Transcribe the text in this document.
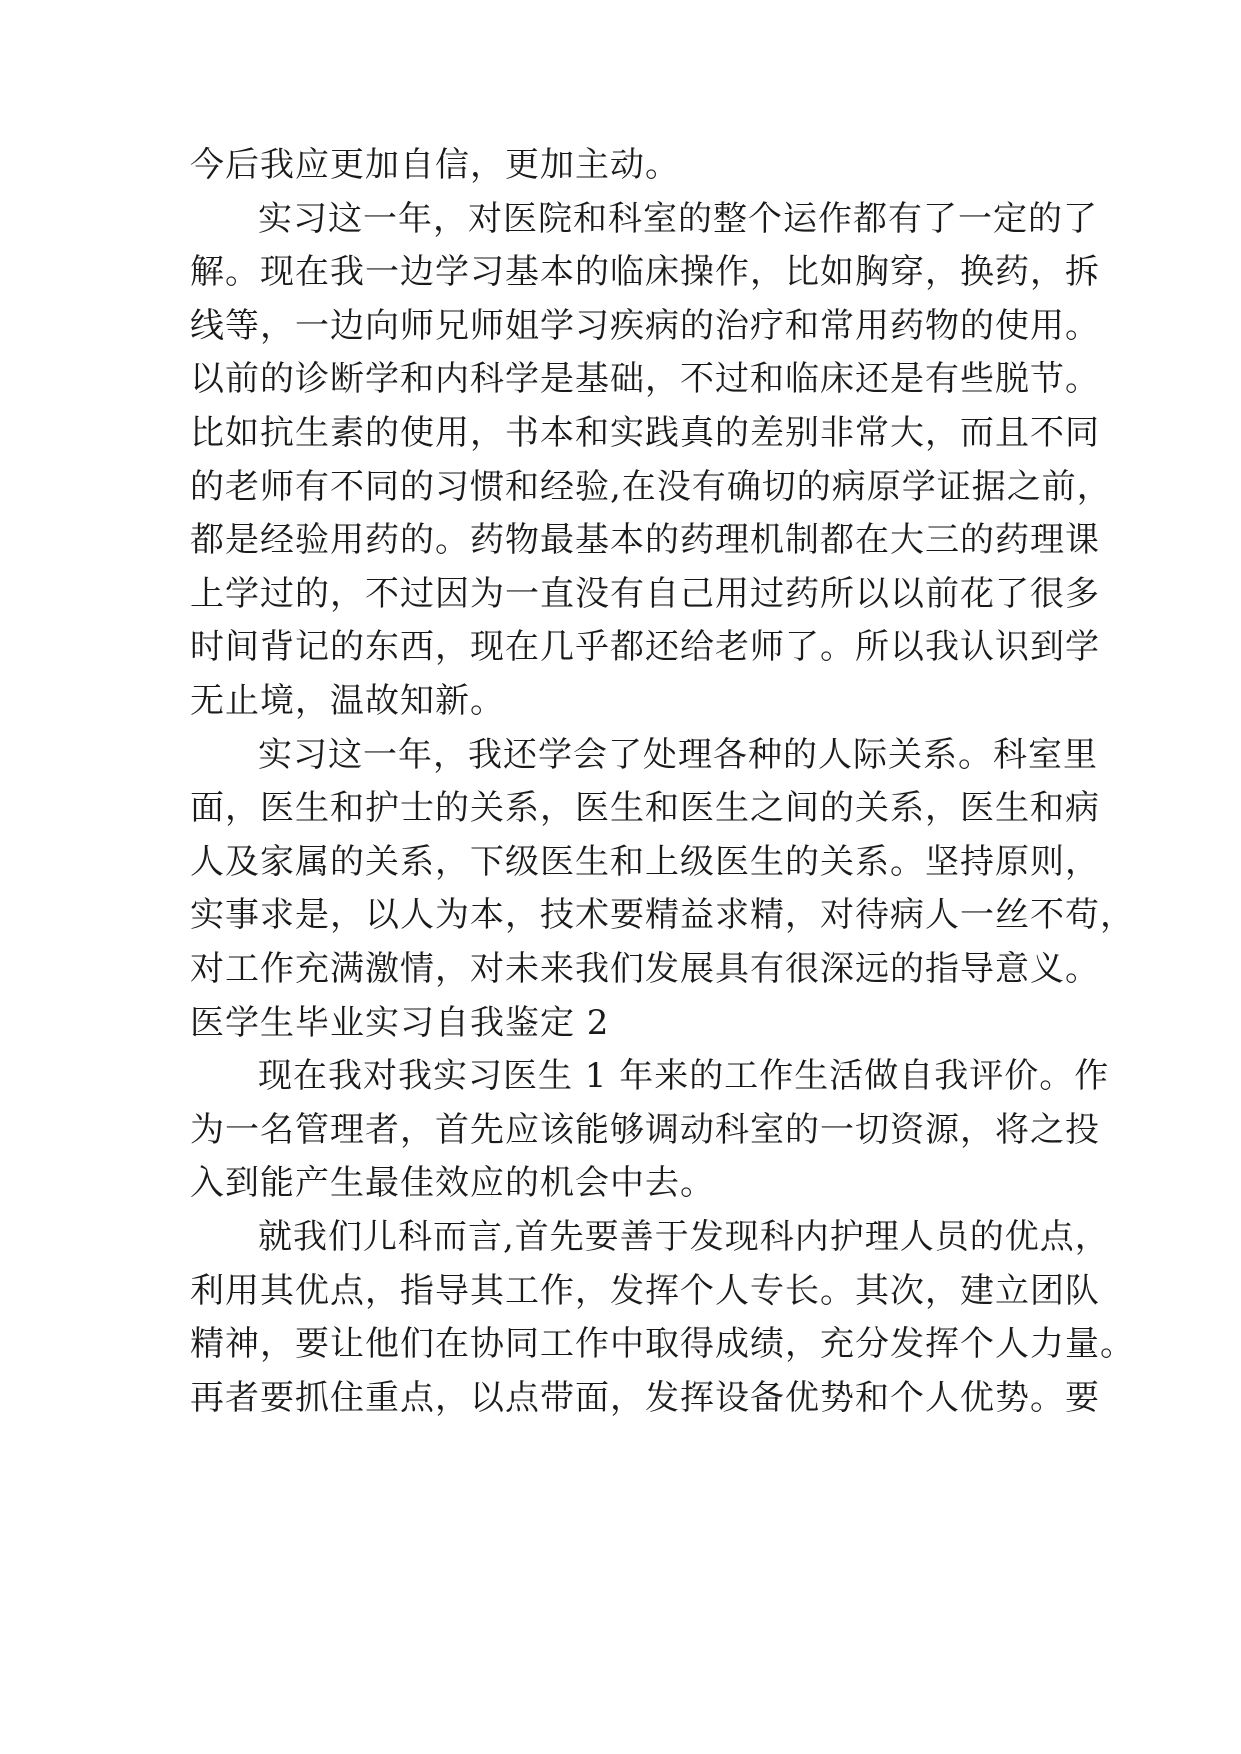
今后我应更加自信，更加主动。
实习这一年，对医院和科室的整个运作都有了一定的了
解。现在我一边学习基本的临床操作，比如胸穿，换药，拆
线等，一边向师兄师姐学习疾病的治疗和常用药物的使用。
以前的诊断学和内科学是基础，不过和临床还是有些脱节。
比如抗生素的使用，书本和实践真的差别非常大，而且不同
的老师有不同的习惯和经验,在没有确切的病原学证据之前，
都是经验用药的。药物最基本的药理机制都在大三的药理课
上学过的，不过因为一直没有自己用过药所以以前花了很多
时间背记的东西，现在几乎都还给老师了。所以我认识到学
无止境，温故知新。
实习这一年，我还学会了处理各种的人际关系。科室里
面，医生和护士的关系，医生和医生之间的关系，医生和病
人及家属的关系，下级医生和上级医生的关系。坚持原则，
实事求是，以人为本，技术要精益求精，对待病人一丝不苟，
对工作充满激情，对未来我们发展具有很深远的指导意义。
医学生毕业实习自我鉴定 2
现在我对我实习医生 1 年来的工作生活做自我评价。作
为一名管理者，首先应该能够调动科室的一切资源，将之投
入到能产生最佳效应的机会中去。
就我们儿科而言,首先要善于发现科内护理人员的优点，
利用其优点，指导其工作，发挥个人专长。其次，建立团队
精神，要让他们在协同工作中取得成绩，充分发挥个人力量。
再者要抓住重点，以点带面，发挥设备优势和个人优势。要
